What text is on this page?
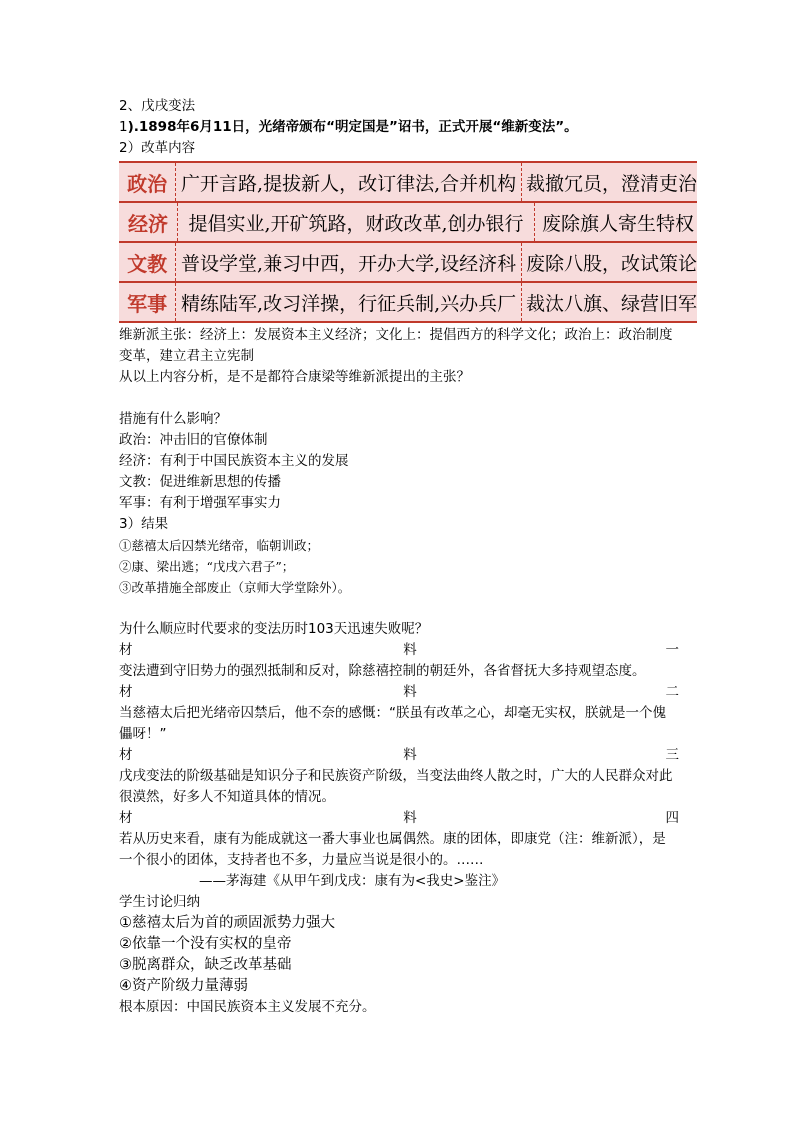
2、戊戌变法
1).1898年6月11日，光绪帝颁布“明定国是”诏书，正式开展“维新变法”。
2）改革内容
政治 广开言路,提拔新人，改订律法,合并机构 裁撤冗员，澄清吏治
经济	提倡实业,开矿筑路，财政改革,创办银行 废除旗人寄生特权
文教 普设学堂,兼习中西，开办大学,设经济科 废除八股，改试策论
军事 精练陆军,改习洋操，行征兵制,兴办兵厂 裁汰八旗、绿营旧军
维新派主张：经济上：发展资本主义经济；文化上：提倡西方的科学文化；政治上：政治制度变革，建立君主立宪制
从以上内容分析，是不是都符合康梁等维新派提出的主张？
措施有什么影响？
政治：冲击旧的官僚体制
经济：有利于中国民族资本主义的发展
文教：促进维新思想的传播
军事：有利于增强军事实力
3）结果
①慈禧太后囚禁光绪帝，临朝训政；
②康、梁出逃；“戊戌六君子”；
③改革措施全部废止（京师大学堂除外）。
为什么顺应时代要求的变法历时103天迅速失败呢？
材	料	一
变法遭到守旧势力的强烈抵制和反对，除慈禧控制的朝廷外，各省督抚大多持观望态度。
材	料	二
当慈禧太后把光绪帝囚禁后，他不奈的感慨：“朕虽有改革之心，却毫无实权，朕就是一个傀儡呀！”
材	料	三
戊戌变法的阶级基础是知识分子和民族资产阶级，当变法曲终人散之时，广大的人民群众对此很漠然，好多人不知道具体的情况。
材	料	四
若从历史来看，康有为能成就这一番大事业也属偶然。康的团体，即康党（注：维新派），是一个很小的团体，支持者也不多，力量应当说是很小的。……
——茅海建《从甲午到戊戌：康有为<我史>鉴注》
学生讨论归纳
①慈禧太后为首的顽固派势力强大
②依靠一个没有实权的皇帝
③脱离群众，缺乏改革基础
④资产阶级力量薄弱
根本原因：中国民族资本主义发展不充分。
